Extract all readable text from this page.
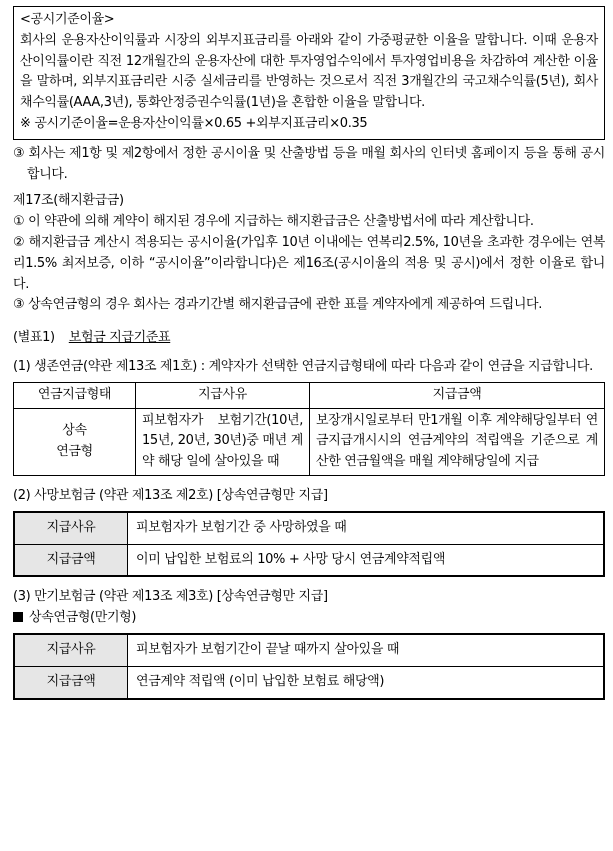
<공시기준이율>
회사의 운용자산이익률과 시장의 외부지표금리를 아래와 같이 가중평균한 이율을 말합니다. 이때 운용자산이익률이란 직전 12개월간의 운용자산에 대한 투자영업수익에서 투자영업비용을 차감하여 계산한 이율을 말하며, 외부지표금리란 시중 실세금리를 반영하는 것으로서 직전 3개월간의 국고채수익률(5년), 회사채수익률(AAA,3년), 통화안정증권수익률(1년)을 혼합한 이율을 말합니다.
※ 공시기준이율=운용자산이익률×0.65 +외부지표금리×0.35
③ 회사는 제1항 및 제2항에서 정한 공시이율 및 산출방법 등을 매월 회사의 인터넷 홈페이지 등을 통해 공시합니다.
제17조(해지환급금)
① 이 약관에 의해 계약이 해지된 경우에 지급하는 해지환급금은 산출방법서에 따라 계산합니다.
② 해지환급금 계산시 적용되는 공시이율(가입후 10년 이내에는 연복리2.5%, 10년을 초과한 경우에는 연복리1.5% 최저보증, 이하 “공시이율”이라합니다)은 제16조(공시이율의 적용 및 공시)에서 정한 이율로 합니다.
③ 상속연금형의 경우 회사는 경과기간별 해지환급금에 관한 표를 계약자에게 제공하여 드립니다.
(별표1) 보험금 지급기준표
(1) 생존연금(약관 제13조 제1호) : 계약자가 선택한 연금지급형태에 따라 다음과 같이 연금을 지급합니다.
연금지급형태	지급사유	지급금액
상속
연금형	피보험자가 보험기간(10년, 15년, 20년, 30년)중 매년 계약 해당 일에 살아있을 때	보장개시일로부터 만1개월 이후 계약해당일부터 연금지급개시시의 연금계약의 적립액을 기준으로 계산한 연금월액을 매월 계약해당일에 지급
(2) 사망보험금 (약관 제13조 제2호) [상속연금형만 지급]
지급사유	피보험자가 보험기간 중 사망하였을 때
지급금액	이미 납입한 보험료의 10% + 사망 당시 연금계약적립액
(3) 만기보험금 (약관 제13조 제3호) [상속연금형만 지급]
상속연금형(만기형)
지급사유	피보험자가 보험기간이 끝날 때까지 살아있을 때
지급금액	연금계약 적립액 (이미 납입한 보험료 해당액)
